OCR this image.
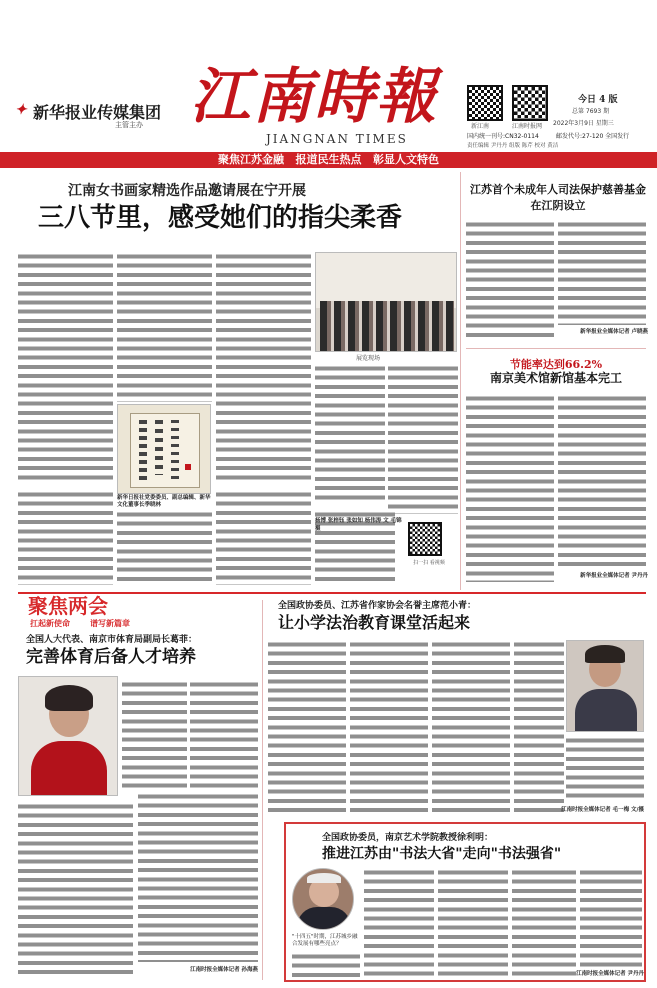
✦ 新华报业传媒集团
主管主办 江南時報
JIANGNAN TIMES
新江南	江南时报网
今日 4 版
总第 7693 期
2022年3月9日 星期三
国内统一刊号:CN32-0114	邮发代号:27-120 全国发行
责任编辑 尹丹丹 组版 陈芹 校对 黄洁
聚焦江苏金融   报道民生热点   彰显人文特色
江南女书画家精选作品邀请展在宁开展
三八节里，感受她们的指尖柔香
新华日报社党委委员、副总编辑、新华文化董事长季晓林
展览现场
杨博 张梓钰 张如知 杨伟涛 文 毛锦 摄
扫一扫 看视频
江苏首个未成年人司法保护慈善基金在江阴设立
新华报业全媒体记者 卢晓燕
节能率达到66.2%
南京美术馆新馆基本完工
新华报业全媒体记者 尹丹丹
聚焦两会
扛起新使命	谱写新篇章
全国人大代表、南京市体育局副局长葛菲：
完善体育后备人才培养
江南时报全媒体记者 孙海燕
全国政协委员、江苏省作家协会名誉主席范小青：
让小学法治教育课堂活起来
江南时报全媒体记者 毛一梅 文/摄
全国政协委员，南京艺术学院教授徐利明：
推进江苏由"书法大省"走向"书法强省"
"十四五"时期，江苏城乡融合发展有哪些亮点？
江南时报全媒体记者 尹丹丹
